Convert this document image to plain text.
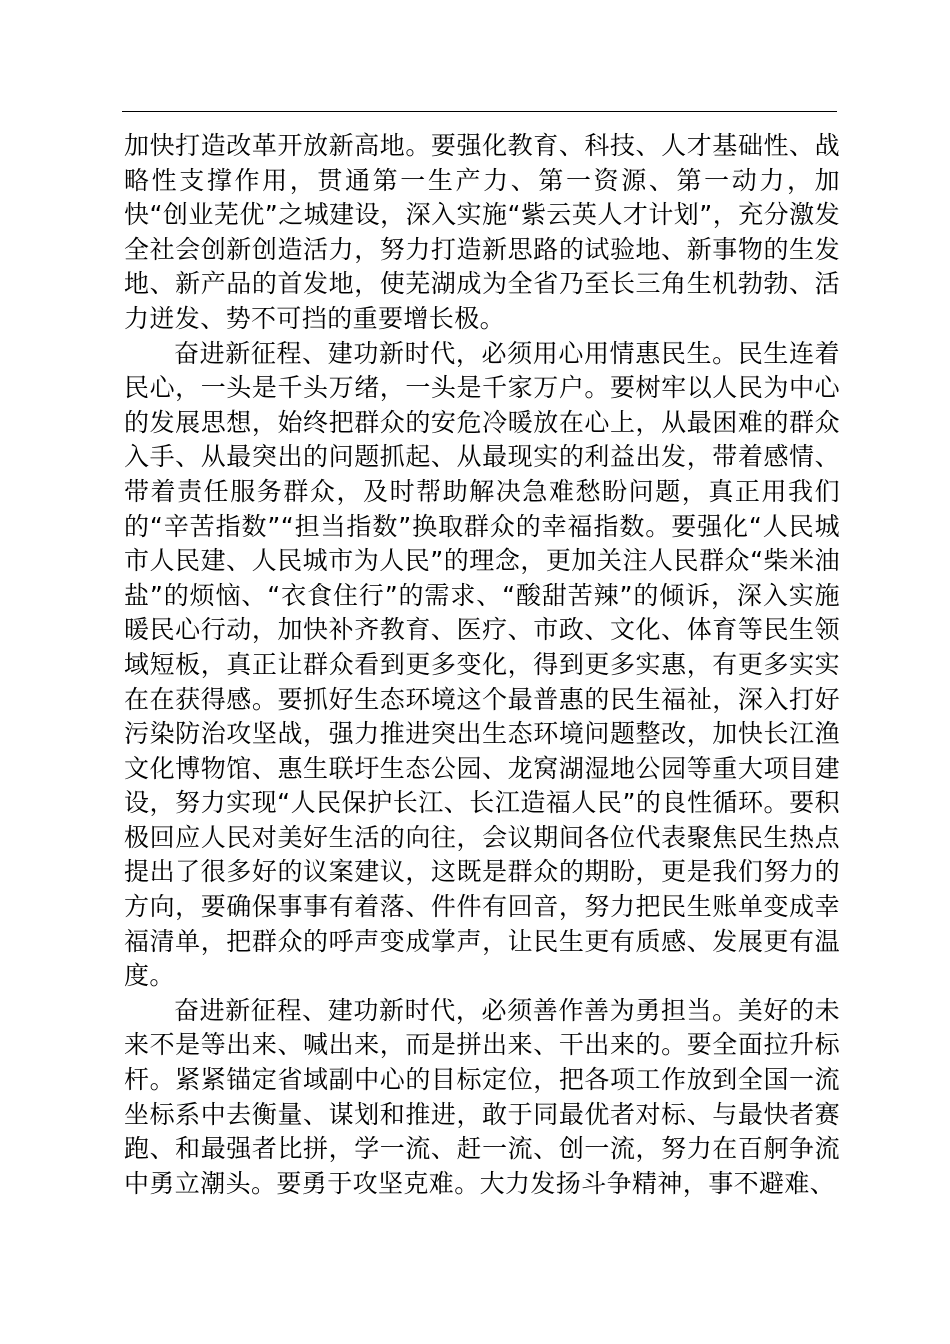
加快打造改革开放新高地。要强化教育、科技、人才基础性、战略性支撑作用，贯通第一生产力、第一资源、第一动力，加快“创业芜优”之城建设，深入实施“紫云英人才计划”，充分激发全社会创新创造活力，努力打造新思路的试验地、新事物的生发地、新产品的首发地，使芜湖成为全省乃至长三角生机勃勃、活力迸发、势不可挡的重要增长极。

奋进新征程、建功新时代，必须用心用情惠民生。民生连着民心，一头是千头万绪，一头是千家万户。要树牢以人民为中心的发展思想，始终把群众的安危冷暖放在心上，从最困难的群众入手、从最突出的问题抓起、从最现实的利益出发，带着感情、带着责任服务群众，及时帮助解决急难愁盼问题，真正用我们的“辛苦指数”“担当指数”换取群众的幸福指数。要强化“人民城市人民建、人民城市为人民”的理念，更加关注人民群众“柴米油盐”的烦恼、“衣食住行”的需求、“酸甜苦辣”的倾诉，深入实施暖民心行动，加快补齐教育、医疗、市政、文化、体育等民生领域短板，真正让群众看到更多变化，得到更多实惠，有更多实实在在获得感。要抓好生态环境这个最普惠的民生福祉，深入打好污染防治攻坚战，强力推进突出生态环境问题整改，加快长江渔文化博物馆、惠生联圩生态公园、龙窝湖湿地公园等重大项目建设，努力实现“人民保护长江、长江造福人民”的良性循环。要积极回应人民对美好生活的向往，会议期间各位代表聚焦民生热点提出了很多好的议案建议，这既是群众的期盼，更是我们努力的方向，要确保事事有着落、件件有回音，努力把民生账单变成幸福清单，把群众的呼声变成掌声，让民生更有质感、发展更有温度。

奋进新征程、建功新时代，必须善作善为勇担当。美好的未来不是等出来、喊出来，而是拼出来、干出来的。要全面拉升标杆。紧紧锚定省域副中心的目标定位，把各项工作放到全国一流坐标系中去衡量、谋划和推进，敢于同最优者对标、与最快者赛跑、和最强者比拼，学一流、赶一流、创一流，努力在百舸争流中勇立潮头。要勇于攻坚克难。大力发扬斗争精神，事不避难、
